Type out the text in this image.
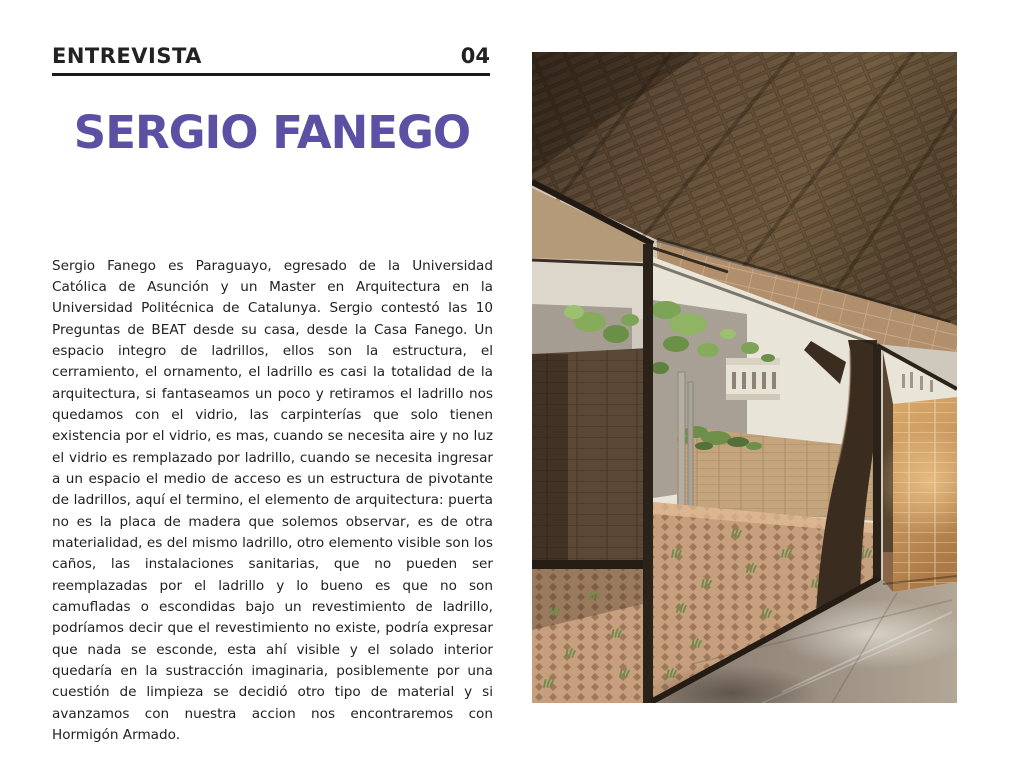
ENTREVISTA	04
SERGIO FANEGO

Sergio Fanego es Paraguayo, egresado de la Universidad Católica de Asunción y un Master en Arquitectura en la Universidad Politécnica de Catalunya. Sergio contestó las 10 Preguntas de BEAT desde su casa, desde la Casa Fanego. Un espacio integro de ladrillos, ellos son la estructura, el cerramiento, el ornamento, el ladrillo es casi la totalidad de la arquitectura, si fantaseamos un poco y retiramos el ladrillo nos quedamos con el vidrio, las carpinterías que solo tienen existencia por el vidrio, es mas, cuando se necesita aire y no luz el vidrio es remplazado por ladrillo, cuando se necesita ingresar a un espacio el medio de acceso es un estructura de pivotante de ladrillos, aquí el termino, el elemento de arquitectura: puerta no es la placa de madera que solemos observar, es de otra materialidad, es del mismo ladrillo, otro elemento visible son los caños, las instalaciones sanitarias, que no pueden ser reemplazadas por el ladrillo y lo bueno es que no son camufladas o escondidas bajo un revestimiento de ladrillo, podríamos decir que el revestimiento no existe, podría expresar que nada se esconde, esta ahí visible y el solado interior quedaría en la sustracción imaginaria, posiblemente por una cuestión de limpieza se decidió otro tipo de material y si avanzamos con nuestra accion nos encontraremos con Hormigón Armado.
